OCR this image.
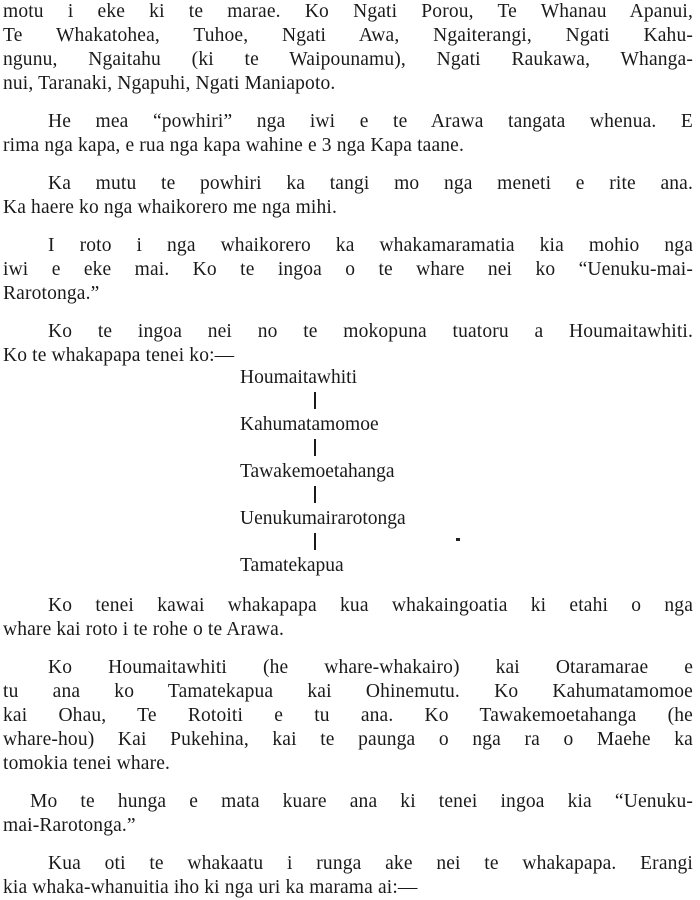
motu i eke ki te marae. Ko Ngati Porou, Te Whanau Apanui,
Te Whakatohea, Tuhoe, Ngati Awa, Ngaiterangi, Ngati Kahu-
ngunu, Ngaitahu (ki te Waipounamu), Ngati Raukawa, Whanga-
nui, Taranaki, Ngapuhi, Ngati Maniapoto.
He mea “powhiri” nga iwi e te Arawa tangata whenua. E
rima nga kapa, e rua nga kapa wahine e 3 nga Kapa taane.
Ka mutu te powhiri ka tangi mo nga meneti e rite ana.
Ka haere ko nga whaikorero me nga mihi.
I roto i nga whaikorero ka whakamaramatia kia mohio nga
iwi e eke mai. Ko te ingoa o te whare nei ko “Uenuku-mai-
Rarotonga.”
Ko te ingoa nei no te mokopuna tuatoru a Houmaitawhiti.
Ko te whakapapa tenei ko:—
Houmaitawhiti
Kahumatamomoe
Tawakemoetahanga
Uenukumairarotonga
Tamatekapua
Ko tenei kawai whakapapa kua whakaingoatia ki etahi o nga
whare kai roto i te rohe o te Arawa.
Ko Houmaitawhiti (he whare-whakairo) kai Otaramarae e
tu ana ko Tamatekapua kai Ohinemutu. Ko Kahumatamomoe
kai Ohau, Te Rotoiti e tu ana. Ko Tawakemoetahanga (he
whare-hou) Kai Pukehina, kai te paunga o nga ra o Maehe ka
tomokia tenei whare.
Mo te hunga e mata kuare ana ki tenei ingoa kia “Uenuku-
mai-Rarotonga.”
Kua oti te whakaatu i runga ake nei te whakapapa. Erangi
kia whaka-whanuitia iho ki nga uri ka marama ai:—
